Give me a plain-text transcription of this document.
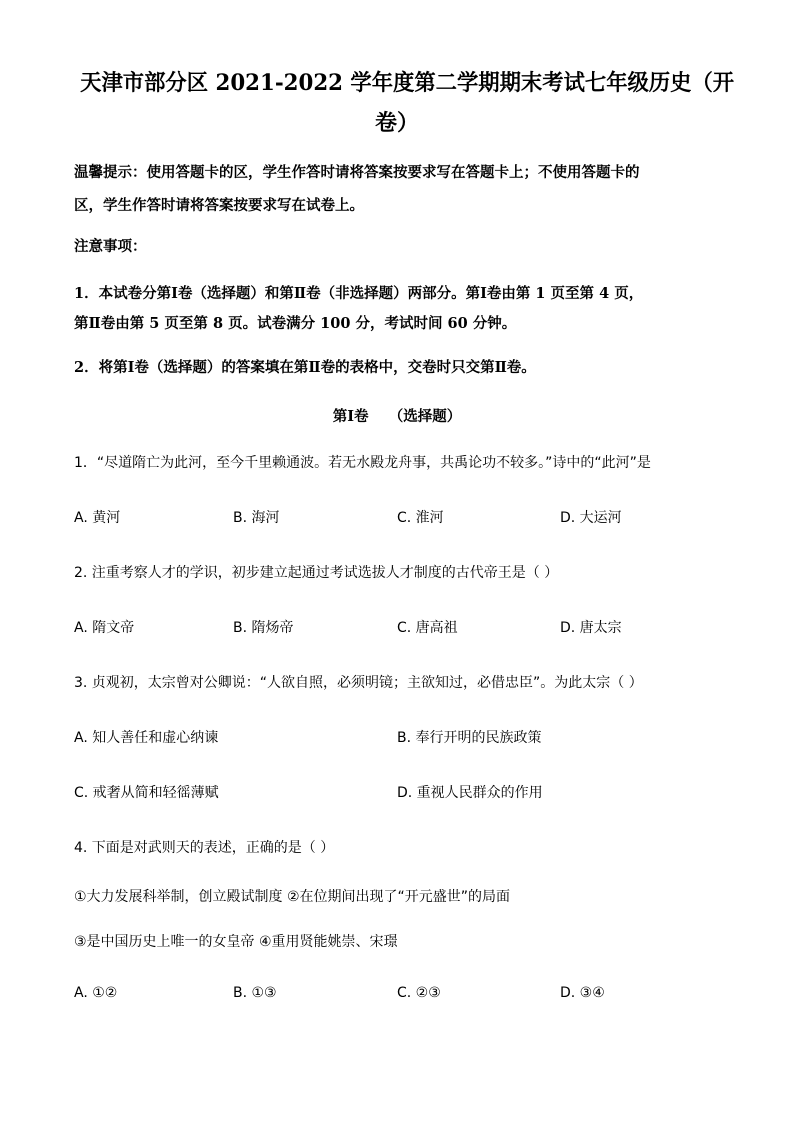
天津市部分区 2021-2022 学年度第二学期期末考试七年级历史（开
卷）
温馨提示：使用答题卡的区，学生作答时请将答案按要求写在答题卡上；不使用答题卡的
区，学生作答时请将答案按要求写在试卷上。
注意事项：
1．本试卷分第Ⅰ卷（选择题）和第Ⅱ卷（非选择题）两部分。第Ⅰ卷由第 1 页至第 4 页，
第Ⅱ卷由第 5 页至第 8 页。试卷满分 100 分，考试时间 60 分钟。
2．将第Ⅰ卷（选择题）的答案填在第Ⅱ卷的表格中，交卷时只交第Ⅱ卷。
第Ⅰ卷    （选择题）
1．“尽道隋亡为此河，至今千里赖通波。若无水殿龙舟事，共禹论功不较多。”诗中的“此河”是
A. 黄河	B. 海河	C. 淮河	D. 大运河
2. 注重考察人才的学识，初步建立起通过考试选拔人才制度的古代帝王是（ ）
A. 隋文帝	B. 隋炀帝	C. 唐高祖	D. 唐太宗
3. 贞观初，太宗曾对公卿说：“人欲自照，必须明镜；主欲知过，必借忠臣”。为此太宗（ ）
A. 知人善任和虚心纳谏	B. 奉行开明的民族政策
C. 戒奢从简和轻徭薄赋	D. 重视人民群众的作用
4. 下面是对武则天的表述，正确的是（ ）
①大力发展科举制，创立殿试制度 ②在位期间出现了“开元盛世”的局面
③是中国历史上唯一的女皇帝 ④重用贤能姚崇、宋璟
A. ①②	B. ①③	C. ②③	D. ③④
